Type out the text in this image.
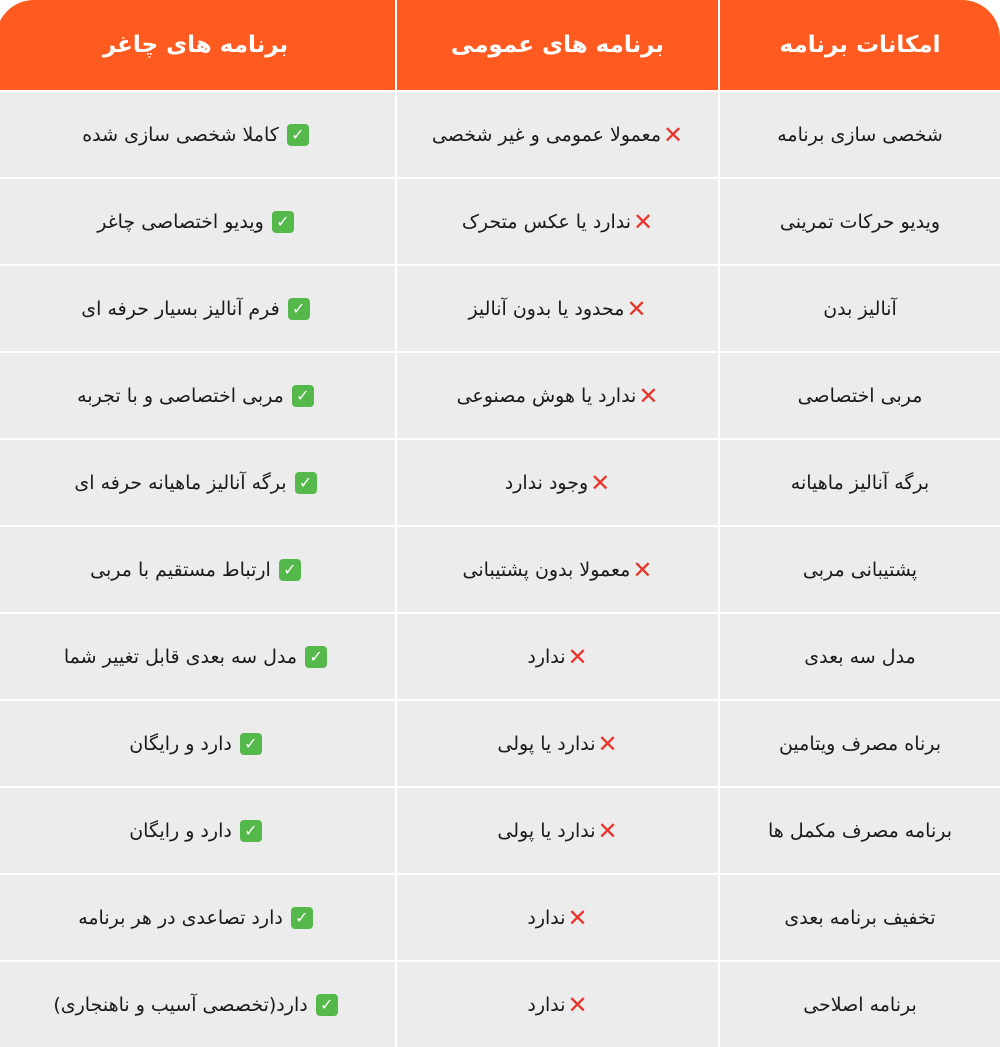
امکانات برنامه
برنامه های عمومی
برنامه های چاغر
شخصی سازی برنامه
✕
معمولا عمومی و غیر شخصی
✓
کاملا شخصی سازی شده
ویدیو حرکات تمرینی
✕
ندارد یا عکس متحرک
✓
ویدیو اختصاصی چاغر
آنالیز بدن
✕
محدود یا بدون آنالیز
✓
فرم آنالیز بسیار حرفه ای
مربی اختصاصی
✕
ندارد یا هوش مصنوعی
✓
مربی اختصاصی و با تجربه
برگه آنالیز ماهیانه
✕
وجود ندارد
✓
برگه آنالیز ماهیانه حرفه ای
پشتیبانی مربی
✕
معمولا بدون پشتیبانی
✓
ارتباط مستقیم با مربی
مدل سه بعدی
✕
ندارد
✓
مدل سه بعدی قابل تغییر شما
برناه مصرف ویتامین
✕
ندارد یا پولی
✓
دارد و رایگان
برنامه مصرف مکمل ها
✕
ندارد یا پولی
✓
دارد و رایگان
تخفیف برنامه بعدی
✕
ندارد
✓
دارد تصاعدی در هر برنامه
برنامه اصلاحی
✕
ندارد
✓
دارد(تخصصی آسیب و ناهنجاری)
